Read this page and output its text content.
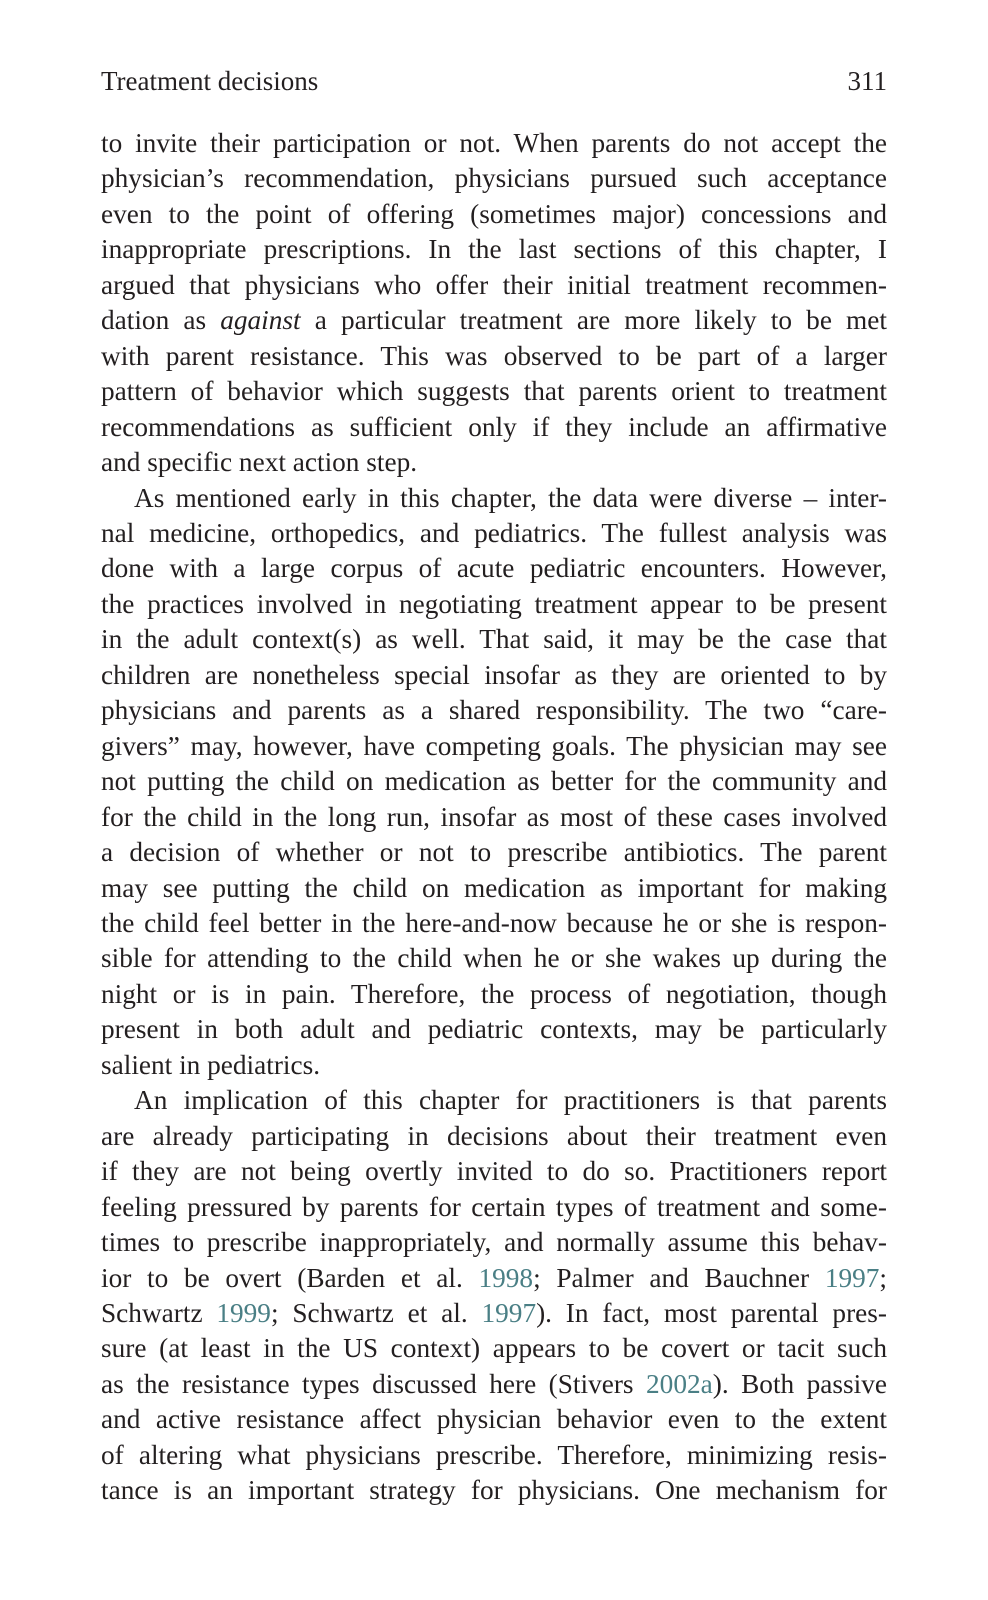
Treatment decisions	311

to invite their participation or not. When parents do not accept the
physician’s recommendation, physicians pursued such acceptance
even to the point of offering (sometimes major) concessions and
inappropriate prescriptions. In the last sections of this chapter, I
argued that physicians who offer their initial treatment recommen-
dation as against a particular treatment are more likely to be met
with parent resistance. This was observed to be part of a larger
pattern of behavior which suggests that parents orient to treatment
recommendations as sufficient only if they include an affirmative
and specific next action step.

As mentioned early in this chapter, the data were diverse – inter-
nal medicine, orthopedics, and pediatrics. The fullest analysis was
done with a large corpus of acute pediatric encounters. However,
the practices involved in negotiating treatment appear to be present
in the adult context(s) as well. That said, it may be the case that
children are nonetheless special insofar as they are oriented to by
physicians and parents as a shared responsibility. The two “care-
givers” may, however, have competing goals. The physician may see
not putting the child on medication as better for the community and
for the child in the long run, insofar as most of these cases involved
a decision of whether or not to prescribe antibiotics. The parent
may see putting the child on medication as important for making
the child feel better in the here-and-now because he or she is respon-
sible for attending to the child when he or she wakes up during the
night or is in pain. Therefore, the process of negotiation, though
present in both adult and pediatric contexts, may be particularly
salient in pediatrics.

An implication of this chapter for practitioners is that parents
are already participating in decisions about their treatment even
if they are not being overtly invited to do so. Practitioners report
feeling pressured by parents for certain types of treatment and some-
times to prescribe inappropriately, and normally assume this behav-
ior to be overt (Barden et al. 1998; Palmer and Bauchner 1997;
Schwartz 1999; Schwartz et al. 1997). In fact, most parental pres-
sure (at least in the US context) appears to be covert or tacit such
as the resistance types discussed here (Stivers 2002a). Both passive
and active resistance affect physician behavior even to the extent
of altering what physicians prescribe. Therefore, minimizing resis-
tance is an important strategy for physicians. One mechanism for
